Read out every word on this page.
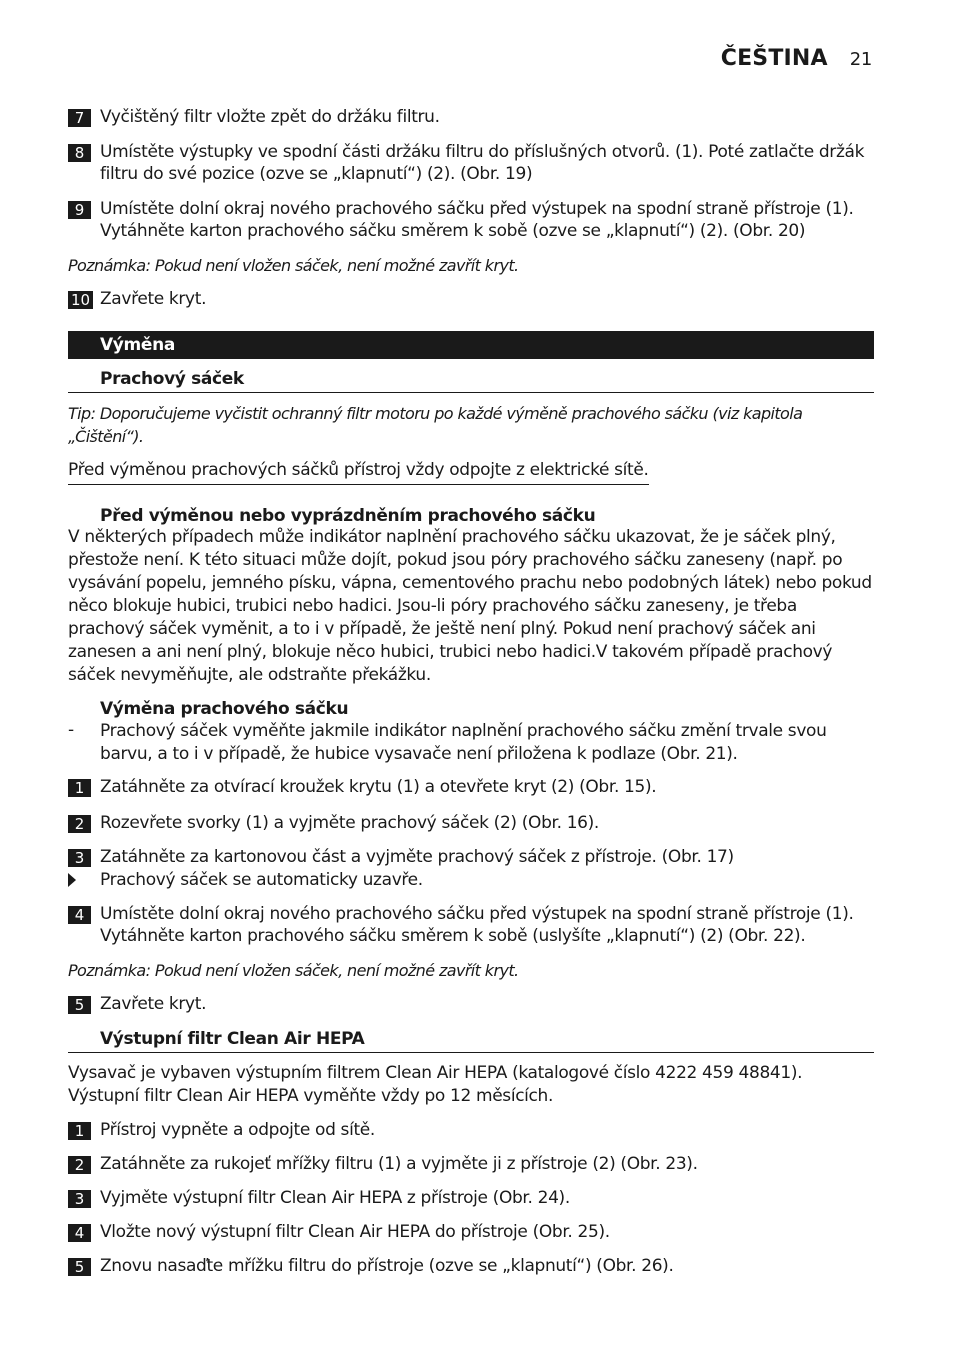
ČEŠTINA 21
7 Vyčištěný filtr vložte zpět do držáku filtru.
8 Umístěte výstupky ve spodní části držáku filtru do příslušných otvorů. (1). Poté zatlačte držák filtru do své pozice (ozve se „klapnutí“) (2). (Obr. 19)
9 Umístěte dolní okraj nového prachového sáčku před výstupek na spodní straně přístroje (1). Vytáhněte karton prachového sáčku směrem k sobě (ozve se „klapnutí“) (2). (Obr. 20)
Poznámka: Pokud není vložen sáček, není možné zavřít kryt.
10 Zavřete kryt.
Výměna
Prachový sáček
Tip: Doporučujeme vyčistit ochranný filtr motoru po každé výměně prachového sáčku (viz kapitola „Čištění“).
Před výměnou prachových sáčků přístroj vždy odpojte z elektrické sítě.
Před výměnou nebo vyprázdněním prachového sáčku
V některých případech může indikátor naplnění prachového sáčku ukazovat, že je sáček plný, přestože není. K této situaci může dojít, pokud jsou póry prachového sáčku zaneseny (např. po vysávání popelu, jemného písku, vápna, cementového prachu nebo podobných látek) nebo pokud něco blokuje hubici, trubici nebo hadici. Jsou-li póry prachového sáčku zaneseny, je třeba prachový sáček vyměnit, a to i v případě, že ještě není plný. Pokud není prachový sáček ani zanesen a ani není plný, blokuje něco hubici, trubici nebo hadici.V takovém případě prachový sáček nevyměňujte, ale odstraňte překážku.
Výměna prachového sáčku
- Prachový sáček vyměňte jakmile indikátor naplnění prachového sáčku změní trvale svou barvu, a to i v případě, že hubice vysavače není přiložena k podlaze (Obr. 21).
1 Zatáhněte za otvírací kroužek krytu (1) a otevřete kryt (2) (Obr. 15).
2 Rozevřete svorky (1) a vyjměte prachový sáček (2) (Obr. 16).
3 Zatáhněte za kartonovou část a vyjměte prachový sáček z přístroje. (Obr. 17)
Prachový sáček se automaticky uzavře.
4 Umístěte dolní okraj nového prachového sáčku před výstupek na spodní straně přístroje (1). Vytáhněte karton prachového sáčku směrem k sobě (uslyšíte „klapnutí“) (2) (Obr. 22).
Poznámka: Pokud není vložen sáček, není možné zavřít kryt.
5 Zavřete kryt.
Výstupní filtr Clean Air HEPA
Vysavač je vybaven výstupním filtrem Clean Air HEPA (katalogové číslo 4222 459 48841).
Výstupní filtr Clean Air HEPA vyměňte vždy po 12 měsících.
1 Přístroj vypněte a odpojte od sítě.
2 Zatáhněte za rukojeť mřížky filtru (1) a vyjměte ji z přístroje (2) (Obr. 23).
3 Vyjměte výstupní filtr Clean Air HEPA z přístroje (Obr. 24).
4 Vložte nový výstupní filtr Clean Air HEPA do přístroje (Obr. 25).
5 Znovu nasaďte mřížku filtru do přístroje (ozve se „klapnutí“) (Obr. 26).
